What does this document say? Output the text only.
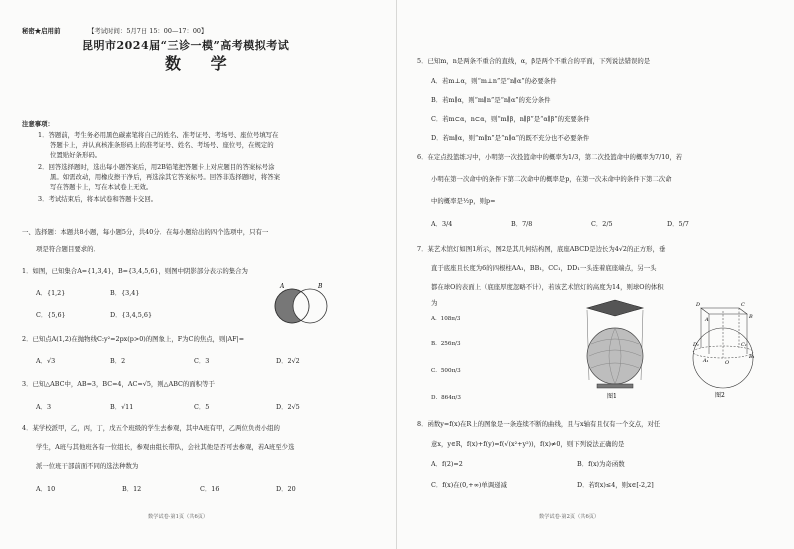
秘密★启用前	【考试时间：5月7日 15：00—17：00】
昆明市2024届“三诊一模”高考模拟考试
数 学
注意事项：
1．答题前，考生务必用黑色碳素笔将自己的姓名、准考证号、考场号、座位号填写在
答题卡上，并认真核准条形码上的准考证号、姓名、考场号、座位号，在规定的
位置贴好条形码。
2．回答选择题时，选出每小题答案后，用2B铅笔把答题卡上对应题目的答案标号涂
黑。如需改动，用橡皮擦干净后，再选涂其它答案标号。回答非选择题时，将答案
写在答题卡上，写在本试卷上无效。
3．考试结束后，将本试卷和答题卡交回。
一、选择题：本题共8小题，每小题5分，共40分．在每小题给出的四个选项中，只有一
项是符合题目要求的．
1．如图，已知集合A={1,3,4}，B={3,4,5,6}，则图中阴影部分表示的集合为
A．{1,2}	B．{3,4}
C．{5,6}	D．{3,4,5,6}
A	B
2．已知点A(1,2)在抛物线C:y²=2px(p>0)的图象上，F为C的焦点，则|AF|=
A．√3	B．2	C．3	D．2√2
3．已知△ABC中，AB=3，BC=4，AC=√5，则△ABC的面积等于
A．3	B．√11	C．5	D．2√5
4．某学校派甲，乙，丙，丁，戊五个班级的学生去参观，其中A班有甲，乙两位负责小组的
学生，A班与其他班各有一位组长，参观由组长带队，会社其他是否可去参观，若A班至少选
派一位班干部前面不同的选法种数为
A．10	B．12	C．16	D．20
数学试卷·第1页（共6页）
5．已知m，n是两条不重合的直线，α，β是两个不重合的平面，下列说法错误的是
A．若m⊥α，则“m⊥n”是“n∥α”的必要条件
B．若m∥α，则“m∥n”是“n∥α”的充分条件
C．若m⊂α，n⊂α，则“m∥β，n∥β”是“α∥β”的充要条件
D．若m∥α，则“m∥n”是“n∥α”的既不充分也不必要条件
6．在定点投篮练习中，小明第一次投篮命中的概率为1/3，第二次投篮命中的概率为7/10，若
小明在第一次命中的条件下第二次命中的概率是p，在第一次未命中的条件下第二次命
中的概率是½p，则p=
A．3/4	B．7/8	C．2/5	D．5/7
7．某艺术馆灯如图1所示，图2是其几何结构图，底座ABCD是边长为4√2的正方形，垂
直于底座且长度为6的四根柱AA₁，BB₁，CC₁，DD₁一头连着底座端点，另一头
都在球O的表面上（底座厚度忽略不计），若该艺术馆灯的高度为14，则球O的体积
为
A．108π/3
B．256π/3
C．500π/3
D．864π/3	图1
D
A
C
B
D₁
A₁
C₁
B₁
O
图2
8．函数y=f(x)在R上的图象是一条连续不断的曲线，且与x轴有且仅有一个交点，对任
意x，y∈R，f(x)+f(y)=f(√(x²+y²))，f(x)≠0，则下列说法正确的是
A．f(2)=2	B．f(x)为奇函数
C．f(x)在(0,+∞)单调递减	D．若f(x)≤4，则x∈[-2,2]
数学试卷·第2页（共6页）
